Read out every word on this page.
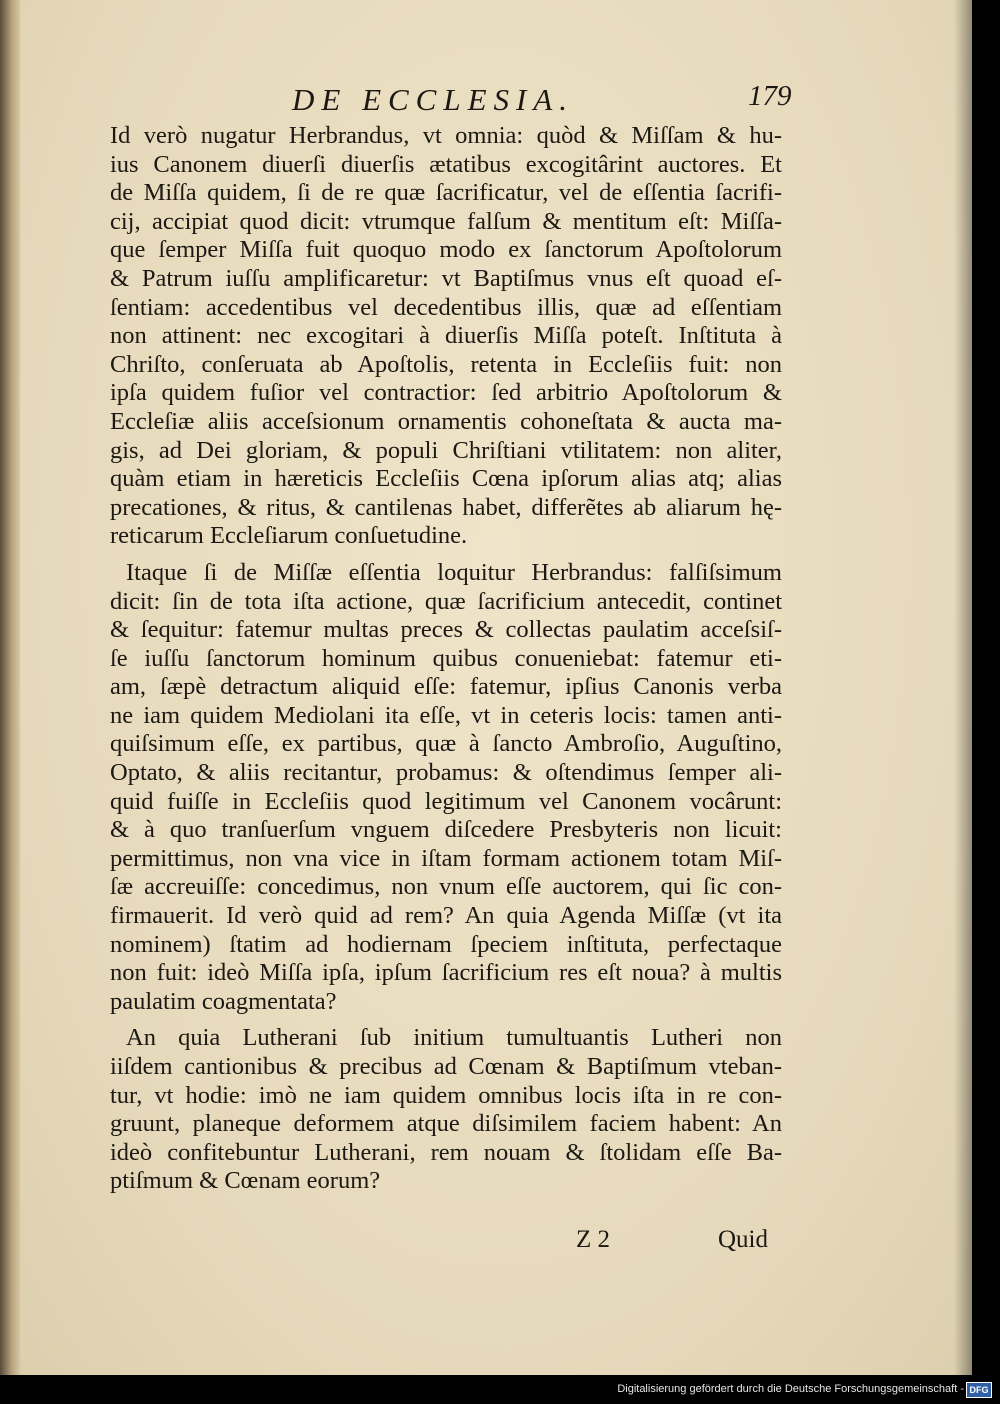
DE ECCLESIA.	179
Id verò nugatur Herbrandus, vt omnia: quòd & Miſſam & hu-
ius Canonem diuerſi diuerſis ætatibus excogitârint auctores. Et
de Miſſa quidem, ſi de re quæ ſacrificatur, vel de eſſentia ſacrifi-
cij, accipiat quod dicit: vtrumque falſum & mentitum eſt: Miſſa-
que ſemper Miſſa fuit quoquo modo ex ſanctorum Apoſtolorum
& Patrum iuſſu amplificaretur: vt Baptiſmus vnus eſt quoad eſ-
ſentiam: accedentibus vel decedentibus illis, quæ ad eſſentiam
non attinent: nec excogitari à diuerſis Miſſa poteſt. Inſtituta à
Chriſto, conſeruata ab Apoſtolis, retenta in Eccleſiis fuit: non
ipſa quidem fuſior vel contractior: ſed arbitrio Apoſtolorum &
Eccleſiæ aliis acceſsionum ornamentis cohoneſtata & aucta ma-
gis, ad Dei gloriam, & populi Chriſtiani vtilitatem: non aliter,
quàm etiam in hæreticis Eccleſiis Cœna ipſorum alias atq; alias
precationes, & ritus, & cantilenas habet, differẽtes ab aliarum hę-
reticarum Eccleſiarum conſuetudine.
Itaque ſi de Miſſæ eſſentia loquitur Herbrandus: falſiſsimum
dicit: ſin de tota iſta actione, quæ ſacrificium antecedit, continet
& ſequitur: fatemur multas preces & collectas paulatim acceſsiſ-
ſe iuſſu ſanctorum hominum quibus conueniebat: fatemur eti-
am, ſæpè detractum aliquid eſſe: fatemur, ipſius Canonis verba
ne iam quidem Mediolani ita eſſe, vt in ceteris locis: tamen anti-
quiſsimum eſſe, ex partibus, quæ à ſancto Ambroſio, Auguſtino,
Optato, & aliis recitantur, probamus: & oſtendimus ſemper ali-
quid fuiſſe in Eccleſiis quod legitimum vel Canonem vocârunt:
& à quo tranſuerſum vnguem diſcedere Presbyteris non licuit:
permittimus, non vna vice in iſtam formam actionem totam Miſ-
ſæ accreuiſſe: concedimus, non vnum eſſe auctorem, qui ſic con-
firmauerit. Id verò quid ad rem? An quia Agenda Miſſæ (vt ita
nominem) ſtatim ad hodiernam ſpeciem inſtituta, perfectaque
non fuit: ideò Miſſa ipſa, ipſum ſacrificium res eſt noua? à multis
paulatim coagmentata?
An quia Lutherani ſub initium tumultuantis Lutheri non
iiſdem cantionibus & precibus ad Cœnam & Baptiſmum vteban-
tur, vt hodie: imò ne iam quidem omnibus locis iſta in re con-
gruunt, planeque deformem atque diſsimilem faciem habent: An
ideò confitebuntur Lutherani, rem nouam & ſtolidam eſſe Ba-
ptiſmum & Cœnam eorum?
Z 2	Quid
Digitalisierung gefördert durch die Deutsche Forschungsgemeinschaft - DFG
